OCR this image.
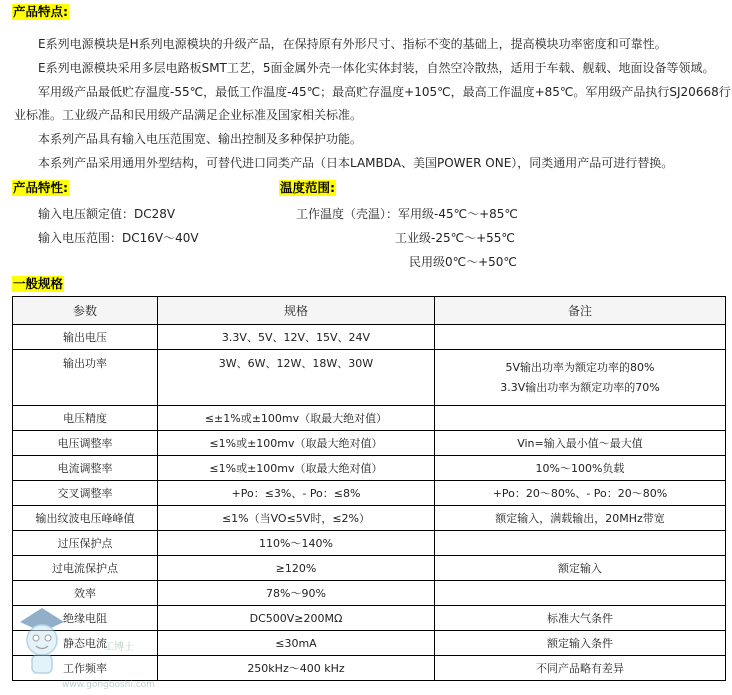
产品特点:
E系列电源模块是H系列电源模块的升级产品，在保持原有外形尺寸、指标不变的基础上，提高模块功率密度和可靠性。
E系列电源模块采用多层电路板SMT工艺，5面金属外壳一体化实体封装，自然空冷散热，适用于车载、舰载、地面设备等领域。
军用级产品最低贮存温度-55℃，最低工作温度-45℃；最高贮存温度+105℃，最高工作温度+85℃。军用级产品执行SJ20668行
业标准。工业级产品和民用级产品满足企业标准及国家相关标准。
本系列产品具有输入电压范围宽、输出控制及多种保护功能。
本系列产品采用通用外型结构，可替代进口同类产品（日本LAMBDA、美国POWER ONE），同类通用产品可进行替换。
产品特性:
输入电压额定值：DC28V
输入电压范围：DC16V～40V
温度范围:
工作温度（壳温）：军用级-45℃～+85℃
工业级-25℃～+55℃
民用级0℃～+50℃
一般规格
参数	规格	备注
输出电压	3.3V、5V、12V、15V、24V	
输出功率	3W、6W、12W、18W、30W	5V输出功率为额定功率的80%
3.3V输出功率为额定功率的70%

电压精度	≤±1%或±100mv（取最大绝对值）	
电压调整率	≤1%或±100mv（取最大绝对值）	Vin=输入最小值～最大值
电流调整率	≤1%或±100mv（取最大绝对值）	10%～100%负载
交叉调整率	+Po：≤3%、- Po：≤8%	+Po：20～80%、- Po：20～80%
输出纹波电压峰峰值	≤1%（当VO≤5V时，≤2%）	额定输入，满载输出，20MHz带宽
过压保护点	110%～140%	
过电流保护点	≥120%	额定输入
效率	78%～90%	
绝缘电阻	DC500V≥200MΩ	标准大气条件
静态电流	≤30mA	额定输入条件
工作频率	250kHz～400 kHz	不同产品略有差异
工博士
www.gongboshi.com
